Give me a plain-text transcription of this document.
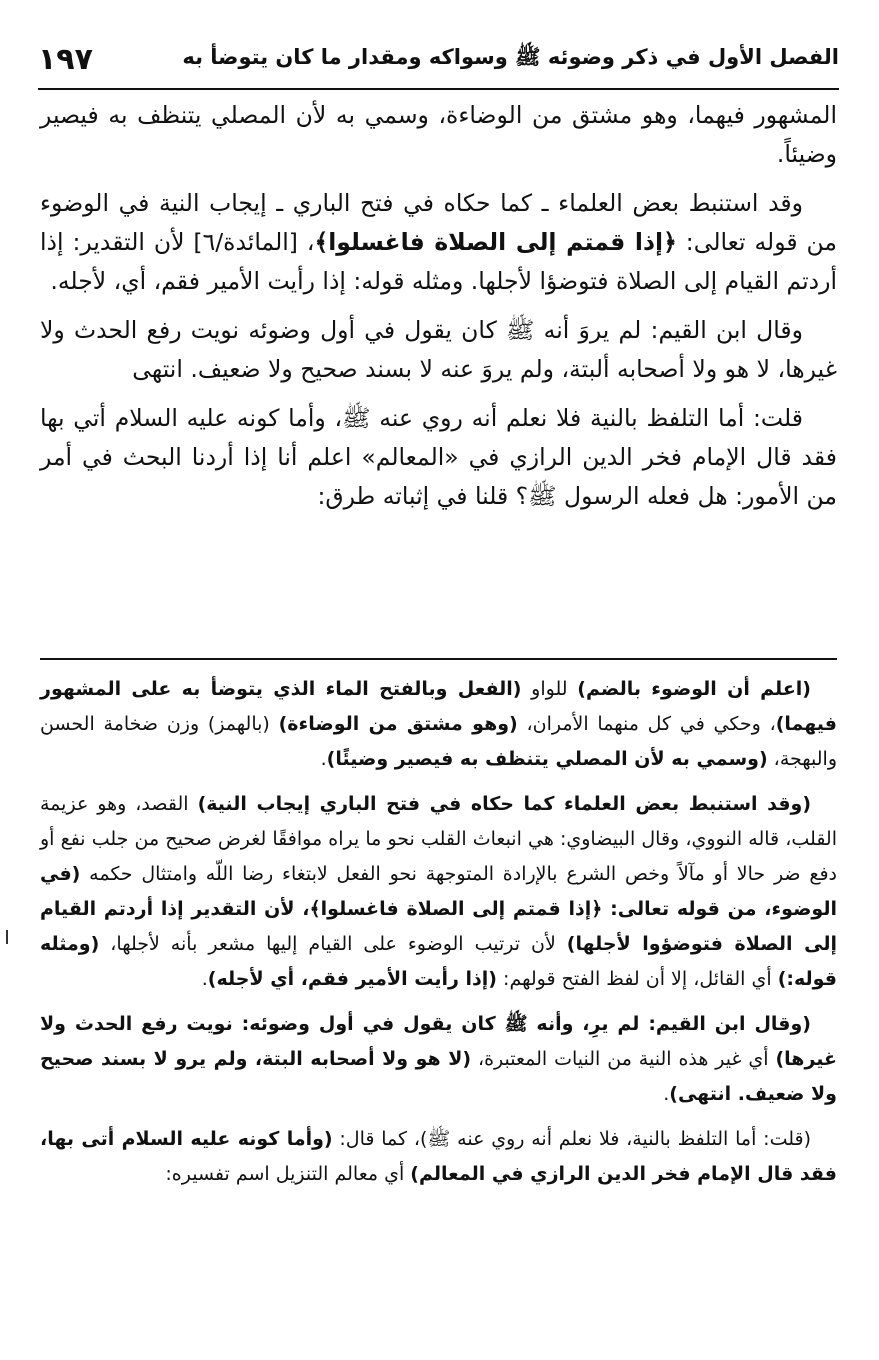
الفصل الأول في ذكر وضوئه ﷺ وسواكه ومقدار ما كان يتوضأ به
١٩٧

المشهور فيهما، وهو مشتق من الوضاءة، وسمي به لأن المصلي يتنظف به فيصير وضيئاً.

وقد استنبط بعض العلماء ـ كما حكاه في فتح الباري ـ إيجاب النية في الوضوء من قوله تعالى: ﴿إذا قمتم إلى الصلاة فاغسلوا﴾، [المائدة/٦] لأن التقدير: إذا أردتم القيام إلى الصلاة فتوضؤا لأجلها. ومثله قوله: إذا رأيت الأمير فقم، أي، لأجله.

وقال ابن القيم: لم يروَ أنه ﷺ كان يقول في أول وضوئه نويت رفع الحدث ولا غيرها، لا هو ولا أصحابه ألبتة، ولم يروَ عنه لا بسند صحيح ولا ضعيف. انتهى

قلت: أما التلفظ بالنية فلا نعلم أنه روي عنه ﷺ، وأما كونه عليه السلام أتي بها فقد قال الإمام فخر الدين الرازي في «المعالم» اعلم أنا إذا أردنا البحث في أمر من الأمور: هل فعله الرسول ﷺ؟ قلنا في إثباته طرق:

(اعلم أن الوضوء بالضم) للواو (الفعل وبالفتح الماء الذي يتوضأ به على المشهور فيهما)، وحكي في كل منهما الأمران، (وهو مشتق من الوضاءة) (بالهمز) وزن ضخامة الحسن والبهجة، (وسمي به لأن المصلي يتنظف به فيصير وضيئًا).

(وقد استنبط بعض العلماء كما حكاه في فتح الباري إيجاب النية) القصد، وهو عزيمة القلب، قاله النووي، وقال البيضاوي: هي انبعاث القلب نحو ما يراه موافقًا لغرض صحيح من جلب نفع أو دفع ضر حالا أو مآلاً وخص الشرع بالإرادة المتوجهة نحو الفعل لابتغاء رضا اللّه وامتثال حكمه (في الوضوء، من قوله تعالى: ﴿إذا قمتم إلى الصلاة فاغسلوا﴾، لأن التقدير إذا أردتم القيام إلى الصلاة فتوضؤوا لأجلها) لأن ترتيب الوضوء على القيام إليها مشعر بأنه لأجلها، (ومثله قوله:) أي القائل، إلا أن لفظ الفتح قولهم: (إذا رأيت الأمير فقم، أي لأجله).

(وقال ابن القيم: لم يرِ، وأنه ﷺ كان يقول في أول وضوئه: نويت رفع الحدث ولا غيرها) أي غير هذه النية من النيات المعتبرة، (لا هو ولا أصحابه البتة، ولم يرو لا بسند صحيح ولا ضعيف. انتهى).

(قلت: أما التلفظ بالنية، فلا نعلم أنه روي عنه ﷺ)، كما قال: (وأما كونه عليه السلام أتى بها، فقد قال الإمام فخر الدين الرازي في المعالم) أي معالم التنزيل اسم تفسيره:
